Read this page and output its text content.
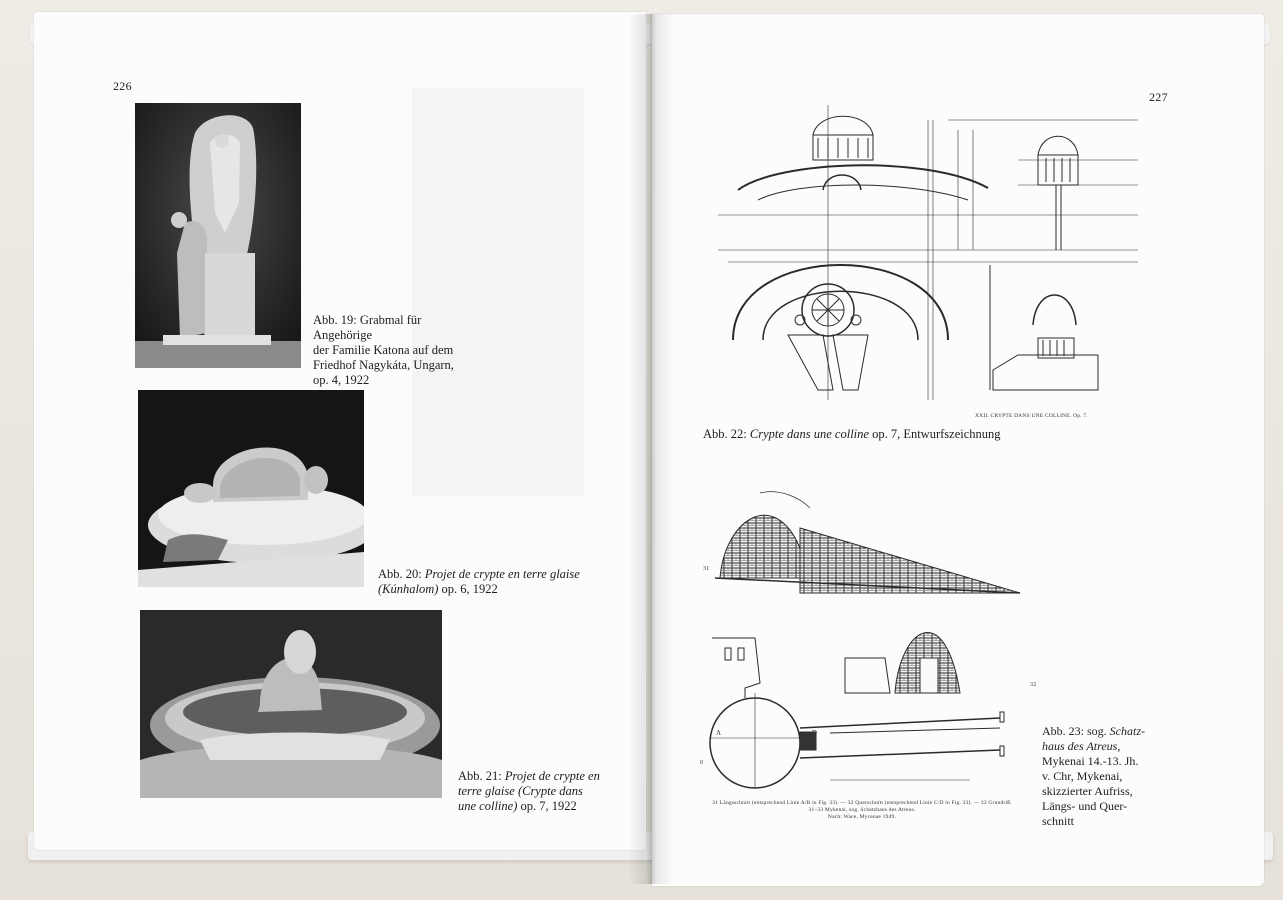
226
Abb. 19: Grabmal für Angehörige
der Familie Katona auf dem
Friedhof Nagykáta, Ungarn,
op. 4, 1922
Abb. 20: Projet de crypte en terre glaise
(Kúnhalom) op. 6, 1922
Abb. 21: Projet de crypte en
terre glaise (Crypte dans
une colline) op. 7, 1922
227
XXII. CRYPTE DANS UNE COLLINE. Op. 7.
Abb. 22: Crypte dans une colline op. 7, Entwurfszeichnung
31
32
A	D
0
31 Längsschnitt (entsprechend Linie A/B in Fig. 33). — 32 Querschnitt (entsprechend Linie C/D in Fig. 33). — 33 Grundriß.
31–33 Mykenai, sog. Schatzhaus des Atreus.
Nach: Wace, Mycenae 1949.
Abb. 23: sog. Schatz-
haus des Atreus,
Mykenai 14.-13. Jh.
v. Chr, Mykenai,
skizzierter Aufriss,
Längs- und Quer-
schnitt
